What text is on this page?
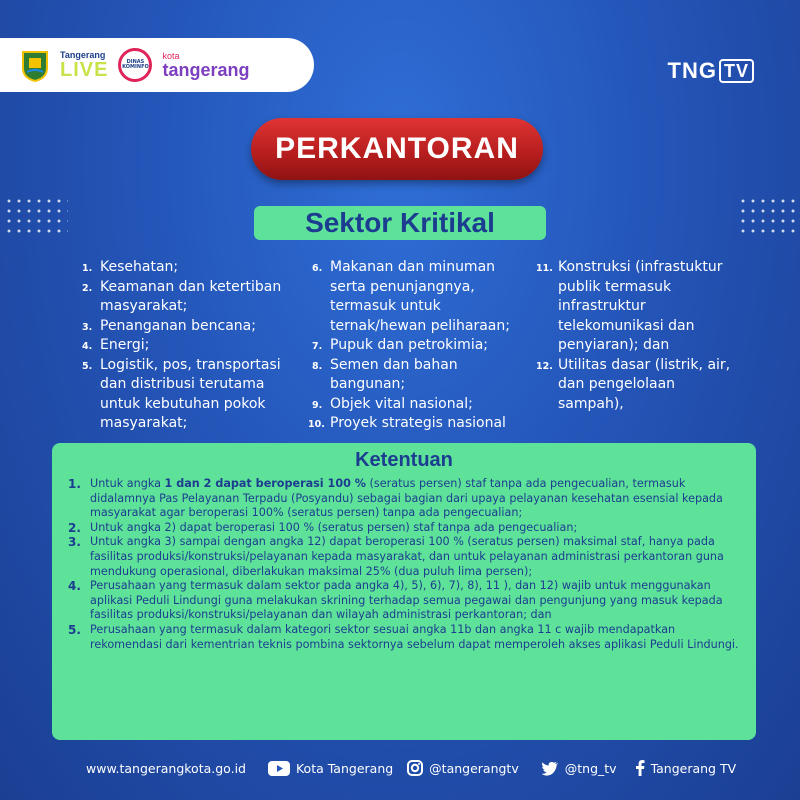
Tangerang
LIVE	DINAS KOMINFO
kota
tangerang	TNG TV
PERKANTORAN
Sektor Kritikal
1. Kesehatan;
2. Keamanan dan ketertiban
masyarakat;
3. Penanganan bencana;
4. Energi;
5. Logistik, pos, transportasi
dan distribusi terutama
untuk kebutuhan pokok
masyarakat;
6. Makanan dan minuman
serta penunjangnya,
termasuk untuk
ternak/hewan peliharaan;
7. Pupuk dan petrokimia;
8. Semen dan bahan
bangunan;
9. Objek vital nasional;
10. Proyek strategis nasional
11. Konstruksi (infrastuktur
publik termasuk
infrastruktur
telekomunikasi dan
penyiaran); dan
12. Utilitas dasar (listrik, air,
dan pengelolaan
sampah),
Ketentuan
1. Untuk angka 1 dan 2 dapat beroperasi 100 % (seratus persen) staf tanpa ada pengecualian, termasuk didalamnya Pas Pelayanan Terpadu (Posyandu) sebagai bagian dari upaya pelayanan kesehatan esensial kepada masyarakat agar beroperasi 100% (seratus persen) tanpa ada pengecualian;
2. Untuk angka 2) dapat beroperasi 100 % (seratus persen) staf tanpa ada pengecualian;
3. Untuk angka 3) sampai dengan angka 12) dapat beroperasi 100 % (seratus persen) maksimal staf, hanya pada fasilitas produksi/konstruksi/pelayanan kepada masyarakat, dan untuk pelayanan administrasi perkantoran guna mendukung operasional, diberlakukan maksimal 25% (dua puluh lima persen);
4. Perusahaan yang termasuk dalam sektor pada angka 4), 5), 6), 7), 8), 11 ), dan 12) wajib untuk menggunakan aplikasi Peduli Lindungi guna melakukan skrining terhadap semua pegawai dan pengunjung yang masuk kepada fasilitas produksi/konstruksi/pelayanan dan wilayah administrasi perkantoran; dan
5. Perusahaan yang termasuk dalam kategori sektor sesuai angka 11b dan angka 11 c wajib mendapatkan rekomendasi dari kementrian teknis pombina sektornya sebelum dapat memperoleh akses aplikasi Peduli Lindungi.
www.tangerangkota.go.id	Kota Tangerang	@tangerangtv	@tng_tv	Tangerang TV
